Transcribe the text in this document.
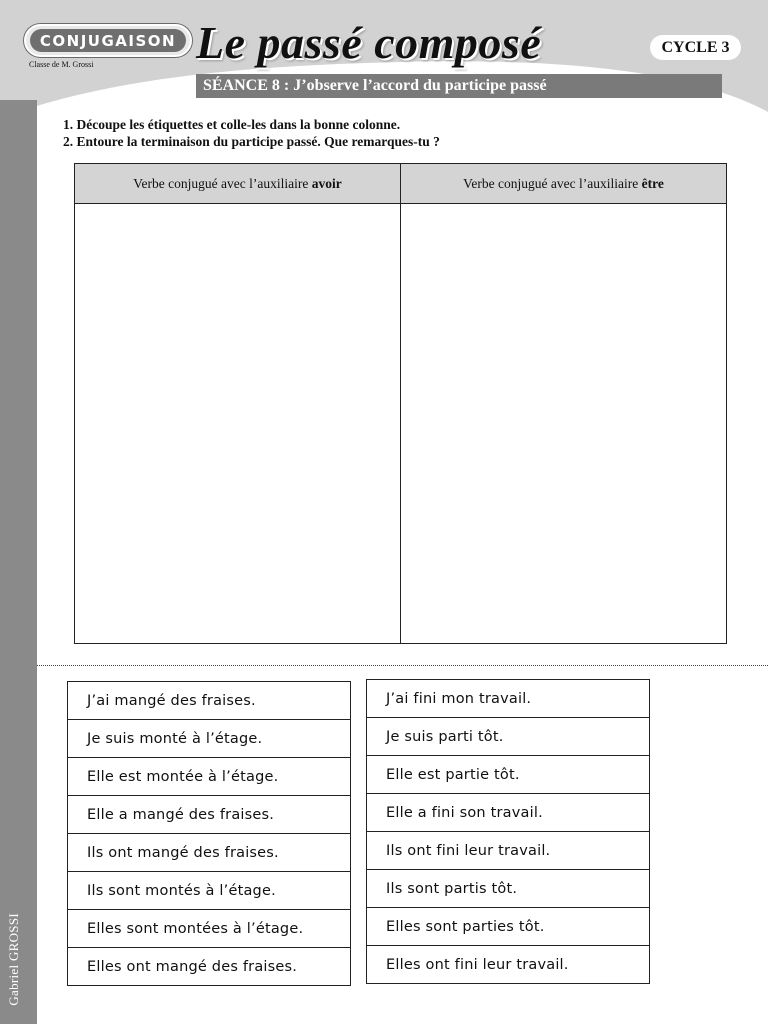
Gabriel GROSSI
CONJUGAISON
Classe de M. Grossi Le passé composé	CYCLE 3
SÉANCE 8 : J’observe l’accord du participe passé
1. Découpe les étiquettes et colle-les dans la bonne colonne.
2. Entoure la terminaison du participe passé. Que remarques-tu ?
Verbe conjugué avec l’auxiliaire avoir	Verbe conjugué avec l’auxiliaire être
J’ai mangé des fraises.
Je suis monté à l’étage.
Elle est montée à l’étage.
Elle a mangé des fraises.
Ils ont mangé des fraises.
Ils sont montés à l’étage.
Elles sont montées à l’étage.
Elles ont mangé des fraises.
J’ai fini mon travail.
Je suis parti tôt.
Elle est partie tôt.
Elle a fini son travail.
Ils ont fini leur travail.
Ils sont partis tôt.
Elles sont parties tôt.
Elles ont fini leur travail.
